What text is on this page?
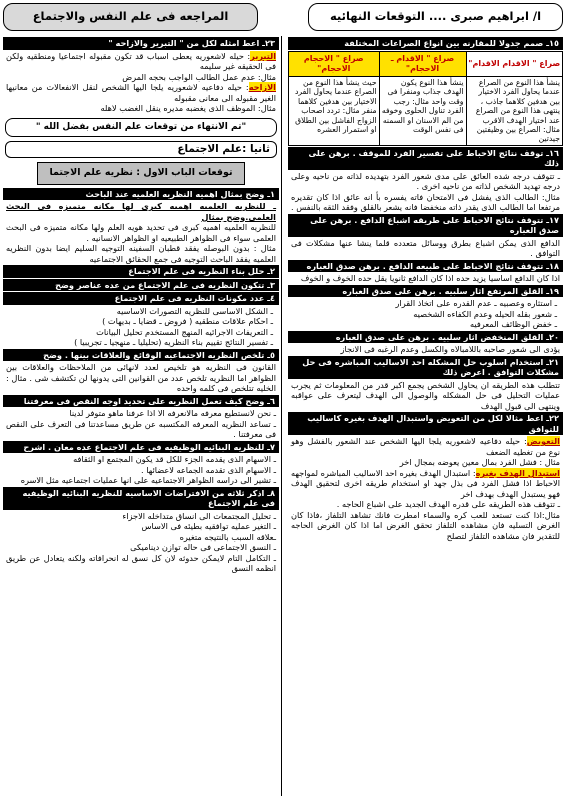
ا/ ابراهيم صبرى .... التوقعات النهائيه
المراجعه فى علم النفس والاجتماع
١٥ـ صمم جدولا للمقارنه بين انواع الصراعات المختلفة
صراع " الاقدام الاقدام"	صراع " الاقدام ـ الاحجام"	صراع " الاحجام الاحجام"
ينشأ هذا النوع من الصراع عندما يحاول الفرد الاختيار بين هدفين كلاهما جاذب ، ينتهى هذا النوع من الصراع عند اختيار الهدف الاقرب مثال: الصراع بين وظيفتين جيدتين	ينشأ هذا النوع يكون الهدف جذاب ومنفرا فى وقت واحد مثال: رجب الفرد تناول الحلوى وخوفه من الم الاسنان او السمنه فى نفس الوقت	حيث ينشأ هذا النوع من الصراع عندما يحاول الفرد الاختيار بين هدفين كلاهما منفر مثال: تردد اصحاب الزواج الفاشل بين الطلاق او استمرار العشره
١٦ـ توقف نتائج الاحباط على تفسير الفرد للموقف . برهن على ذلك
ـ تتوقف درجه شده العائق على مدى شعور الفرد بتهديده لذاته من ناحيه وعلى درجه تهديد الشخص لذاته من ناحيه اخرى .
مثال: الطالب الذى يفشل فى الامتحان فاته يفسره بأ انه عائق اذا كان تقديره مرتفعا اما الطالب الذى يقدر ذاته منخفضا فانه يشعر بالقلق وفقد الثقه بالنفس .
١٧ـ تتوقف نتائج الاحباط على طريقه اشباع الدافع . برهن على صدق العباره
الدافع الذى يمكن اشباع بطرق ووسائل متعدده قلما ينشا عنها مشكلات فى التوافق .
١٨ـ تتوقف نتائج الاحباط على طبيعه الدافع . برهن صدق العباره
اذا كان الدافع اساسيا يزيد حده اذا كان الدافع ثانويا يقل حده الخوف و الخوف
١٩ـ القلق المرتفع اثار سلبيه . برهن على صدق العباره
ـ استثاره وعصبيه ـ عدم القدره على اتخاذ القرار
ـ شعور بقله الحيله وعدم الكفاءه الشخصيه
ـ خفض الوظائف المعرفيه
٢٠ـ القلق المنخفض اثار سلبيه . برهن على صدق العباره
يؤدى الى شعور صاحبه باللامبالاه والكسل وعدم الرغبه فى الانجاز
٢١ـ استخدام اسلوب حل المشكله احد الاساليب المباشره فى حل مشكلات التوافق . اعرض ذلك
تتطلب هذه الطريقه ان يحاول الشخص يجمع اكبر قدر من المعلومات ثم يجرب عمليات التحليل فى حل المشكله والوصول الى الهدف ليتعرف على عواقبه وينتهى الى قبول الهدف
٢٢ـ اعط مثالا لكل من التعويض واستبدال الهدف بغيره كاساليب للتوافق
التعويض: حيله دفاعيه لاشعوريه يلجا اليها الشخص عند الشعور بالفشل وهو نوع من تغطيه الضعف
مثال : فشل الفرد بمال معين يعوضه بمجال اخر
استبدال الهدف بغيره: استبدال الهدف بغيره احد الاساليب المباشره لمواجهه الاحباط اذا فشل الفرد فى بذل جهد او استخدام طريقه اخرى لتحقيق الهدف فهو يستبدل الهدف بهدف اخر
ـ تتوقف هذه الطريقه على قدره الهدف الجديد على اشباع الحاجه .
مثال:اذا كنت تستعد للعب كره والسماء امطرت فانك تشاهد التلفاز ،فاذا كان الغرض التسليه فان مشاهده التلفاز تحقق الغرض اما اذا كان الغرض الحاجه للتقدير فان مشاهده التلفاز لتصلح
٢٣ـ اعط امثله لكل من " التبرير والازاحه "
التبرير: حيله لاشعوريه يعطى اسباب قد تكون مقبوله اجتماعيا ومنطقيه ولكن فى الحقيقه غير سليمه
مثال: عدم عمل الطالب الواجب بحجه المرض
الازاحه: حيله دفاعيه لاشعوريه يلجا اليها الشخص لنقل الانفعالات من معانيها الغير مقبوله الى معانى مقبوله
مثال: الموظف الذى يغضبه مديره ينقل الغضب لاهله
"تم الانتهاء من توقعات علم النفس بفضل الله "
ثانيا :علم الاجتماع
توقعات الباب الاول : نظريه علم الاجتما
١ـ وضح بمثال اهميه النظريه العلميه عند الباحث
ـ للنظريه العلميه اهميه كبرى لها مكانه متميزه فى البحث العلمى.وضح بمثال
للنظريه العلميه اهميه كبرى فى تحديد هويه العلم ولها مكانه متميزه فى البحث العلمى سواء فى الظواهر الطبيعيه او الظواهر الانسانيه .
مثال : بدون البوصله يفقد قطبان السفينه التوجيه السليم ايضا بدون النظريه العلميه يفقد الباحث التوجيه فى جمع الحقائق الاجتماعيه
٢ـ حلل بناء النظريه فى علم الاجتماع
٣ـ تتكون النظريه فى علم الاجتماع من عده عناصر وضح
٤ـ عدد مكونات النظريه فى علم الاجتماع
ـ الشكل الاساسى للنظريه التصورات الاساسيه
ـ احكام علاقات منطقيه ( فروض ـ قضايا ـ بديهات )
ـ التعريفات الاجرائيه المنهج المستخدم تحليل البيانات
ـ تفسير النتائج تقييم بناء النظريه (تحليليا ـ منهجيا ـ تجريبيا )
٥ـ تلخص النظريه الاجتماعيه الوقائع والعلاقات بينها . وضح
القانون فى النظريه هو تلخيص لعدد لانهائى من الملاحظات والعلاقات بين الظواهر اما النظريه تلخص عدد من القوانين التى يدونها لن تكتشف شى . مثال : الخليه تتلخص فى كلمه واحده
٦ـ وضح كيف تعمل النظريه على تحديد اوجه النقص فى معرفتنا
ـ نحن لانستطيع معرفه مالانعرفه الا اذا عرفنا ماهو متوفر لدينا
ـ تساعد النظريه المعرفه المكتسبه عن طريق مساعدتنا فى التعرف على النقص فى معرفتنا .
٧ـ للنظريه البنائيه الوظيفيه فى علم الاجتماع عده معان . اشرح
ـ الاسهام الذى يقدمه الجزء للكل قد يكون المجتمع او الثقافه
ـ الاسهام الذى تقدمه الجماعه لاعضائها .
ـ تشير الى دراسه الظواهر الاجتماعيه على انها عمليات اجتماعيه مثل الاسره
٨ـ اذكر ثلاثه من الافتراضات الاساسيه للنظريه البنائيه الوظيفيه فى علم الاجتماع
ـ تحليل المجتمعات الى انساق متداخله الاجزاء
ـ التغير عمليه توافقيه بطيئه فى الاساس
ـعلاقه السبب بالنتيجه متغيره
ـ النسق الاجتماعى فى حاله توازن ديناميكى
ـ التكامل التام لايمكن حدوثه لان كل نسق له انحرافاته ولكنه يتعادل عن طريق انظمه النسق
